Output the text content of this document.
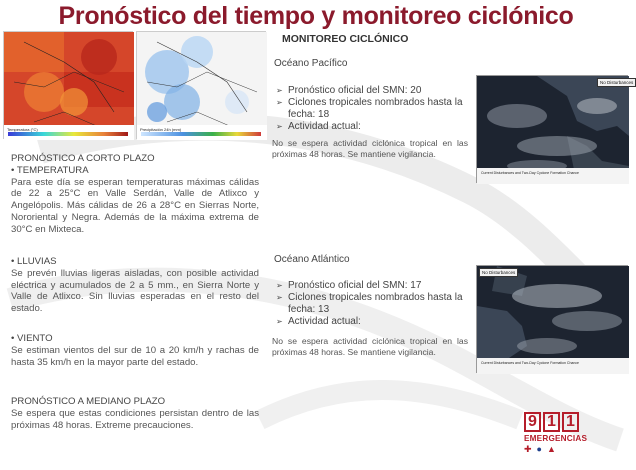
Pronóstico del tiempo y monitoreo ciclónico
Temperatura (°C)	Precipitación 24h (mm)
PRONÓSTICO A CORTO PLAZO
• TEMPERATURA
Para este día se esperan temperaturas máximas cálidas de 22 a 25°C en Valle Serdán, Valle de Atlixco y Angelópolis. Más cálidas de 26 a 28°C en Sierras Norte, Nororiental y Negra. Además de la máxima extrema de 30°C en Mixteca.
• LLUVIAS
Se prevén lluvias ligeras aisladas, con posible actividad eléctrica y acumulados de 2 a 5 mm., en Sierra Norte y Valle de Atlixco. Sin lluvias esperadas en el resto del estado.
• VIENTO
Se estiman vientos del sur de 10 a 20 km/h y rachas de hasta 35 km/h en la mayor parte del estado.
PRONÓSTICO A MEDIANO PLAZO
Se espera que estas condiciones persistan dentro de las próximas 48 horas. Extreme precauciones.
MONITOREO CICLÓNICO
Océano Pacífico
➢ Pronóstico oficial del SMN: 20
➢ Ciclones tropicales nombrados hasta la fecha: 18
➢ Actividad actual:
No se espera actividad ciclónica tropical en las próximas 48 horas. Se mantiene vigilancia.
Océano Atlántico
➢ Pronóstico oficial del SMN: 17
➢ Ciclones tropicales nombrados hasta la fecha: 13
➢ Actividad actual:
No se espera actividad ciclónica tropical en las próximas 48 horas. Se mantiene vigilancia.
No Disturbances
Current Disturbances and Two-Day Cyclone Formation Chance
No Disturbances
Current Disturbances and Two-Day Cyclone Formation Chance
9 1 1
EMERGENCIAS
✚ ● ▲
